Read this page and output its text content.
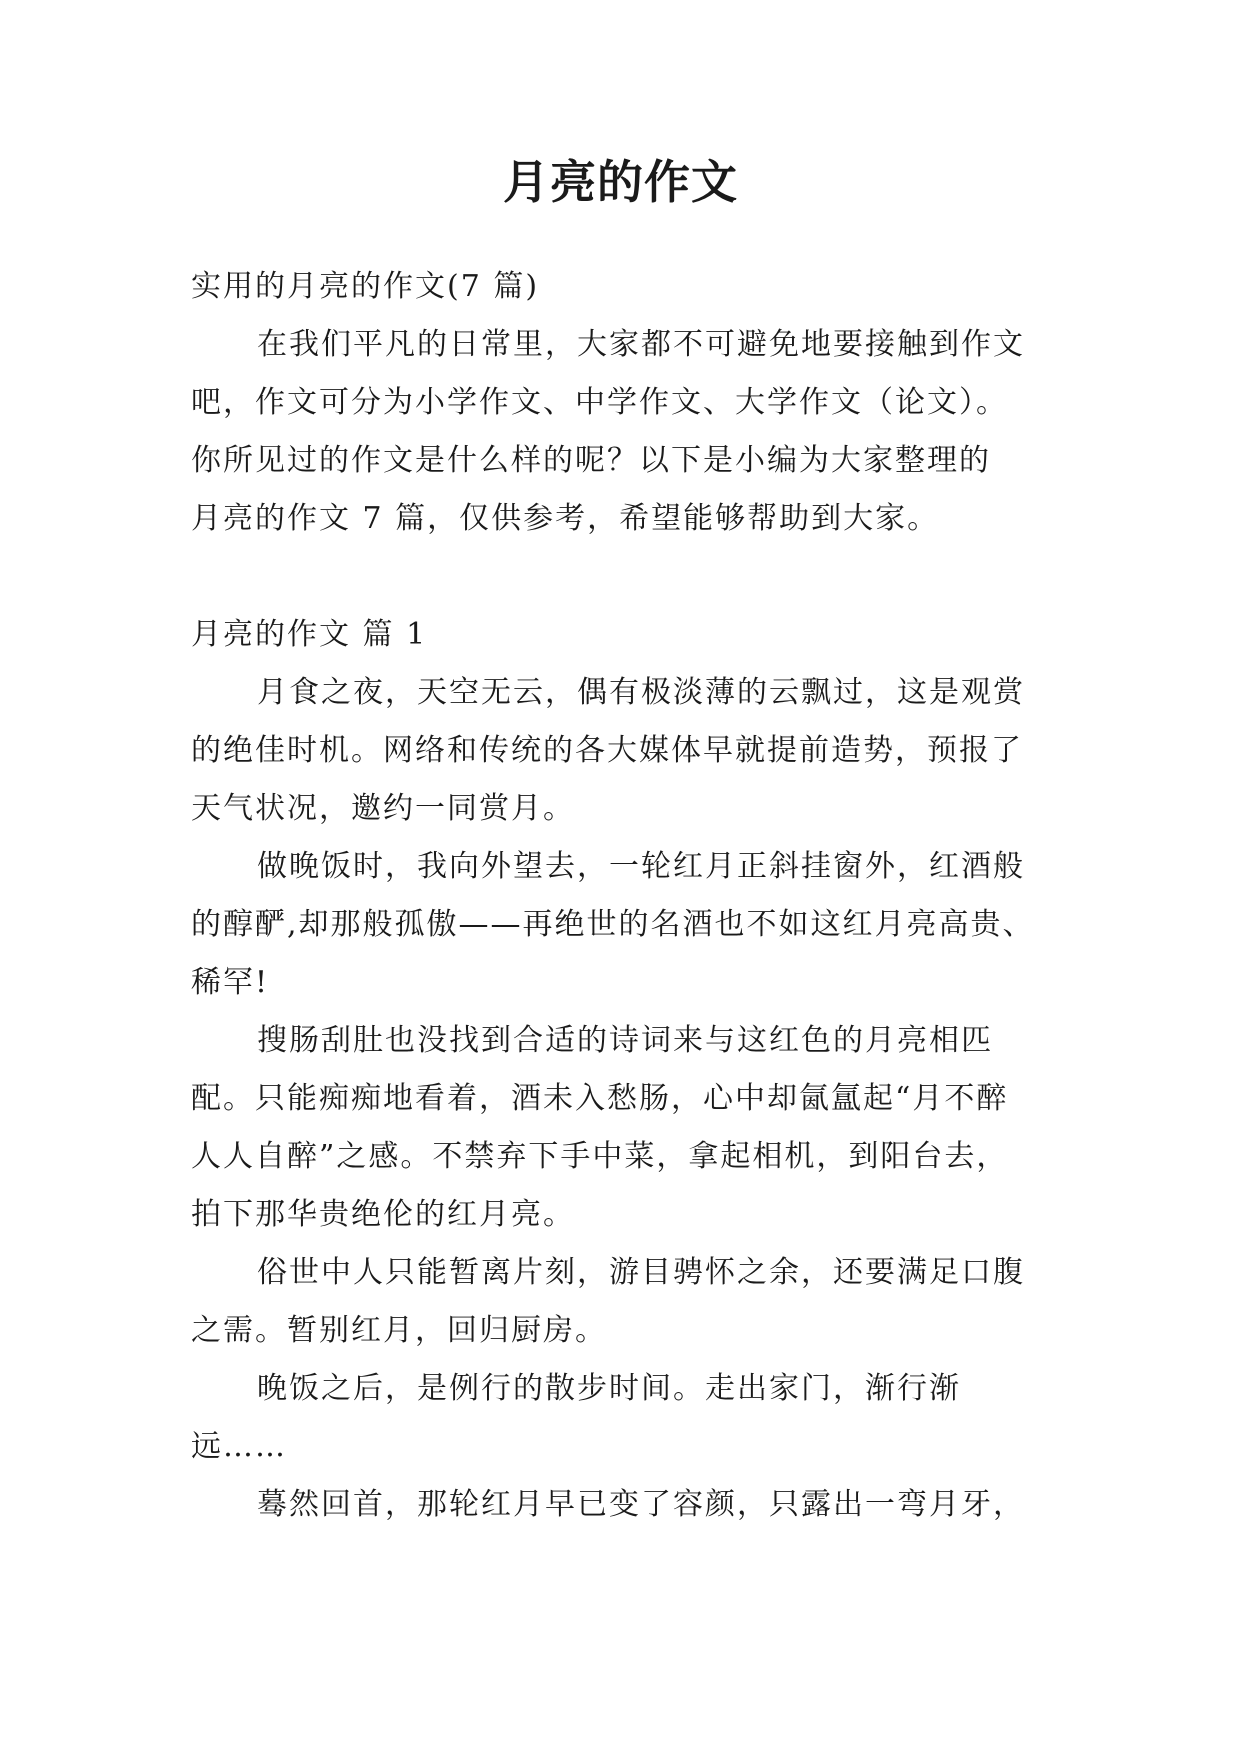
月亮的作文
实用的月亮的作文(7 篇)
在我们平凡的日常里，大家都不可避免地要接触到作文
吧，作文可分为小学作文、中学作文、大学作文（论文）。
你所见过的作文是什么样的呢？以下是小编为大家整理的
月亮的作文 7 篇，仅供参考，希望能够帮助到大家。
月亮的作文 篇 1
月食之夜，天空无云，偶有极淡薄的云飘过，这是观赏
的绝佳时机。网络和传统的各大媒体早就提前造势，预报了
天气状况，邀约一同赏月。
做晚饭时，我向外望去，一轮红月正斜挂窗外，红酒般
的醇酽,却那般孤傲——再绝世的名酒也不如这红月亮高贵、
稀罕!
搜肠刮肚也没找到合适的诗词来与这红色的月亮相匹
配。只能痴痴地看着，酒未入愁肠，心中却氤氲起“月不醉
人人自醉”之感。不禁弃下手中菜，拿起相机，到阳台去，
拍下那华贵绝伦的红月亮。
俗世中人只能暂离片刻，游目骋怀之余，还要满足口腹
之需。暂别红月，回归厨房。
晚饭之后，是例行的散步时间。走出家门，渐行渐
远……
蓦然回首，那轮红月早已变了容颜，只露出一弯月牙，
